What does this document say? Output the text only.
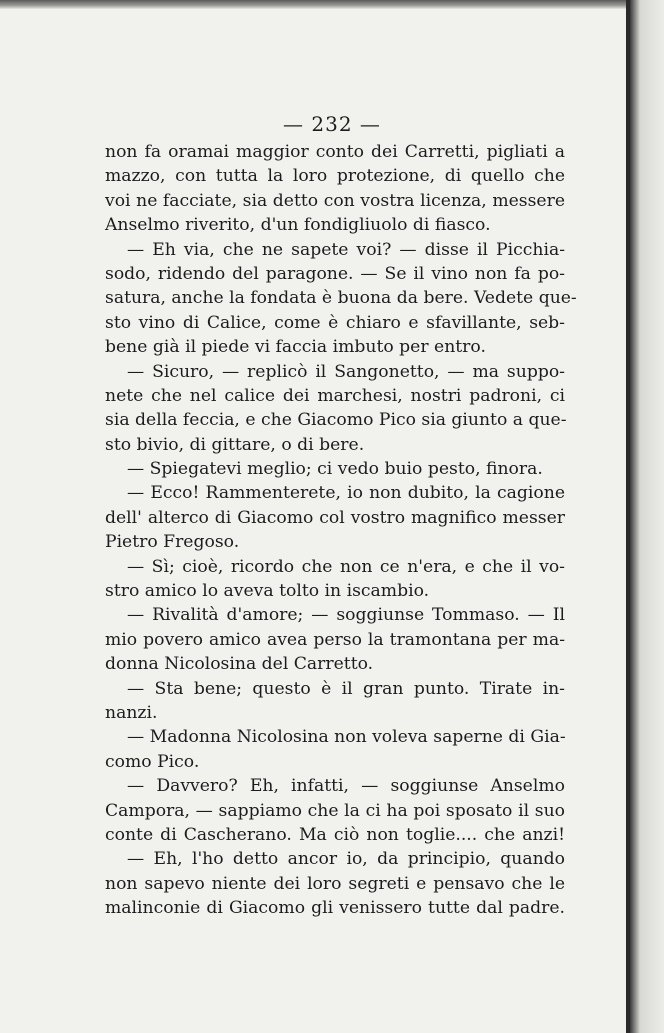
— 232 —
non fa oramai maggior conto dei Carretti, pigliati a
mazzo, con tutta la loro protezione, di quello che
voi ne facciate, sia detto con vostra licenza, messere
Anselmo riverito, d'un fondigliuolo di fiasco.
— Eh via, che ne sapete voi? — disse il Picchia-
sodo, ridendo del paragone. — Se il vino non fa po-
satura, anche la fondata è buona da bere. Vedete que-
sto vino di Calice, come è chiaro e sfavillante, seb-
bene già il piede vi faccia imbuto per entro.
— Sicuro, — replicò il Sangonetto, — ma suppo-
nete che nel calice dei marchesi, nostri padroni, ci
sia della feccia, e che Giacomo Pico sia giunto a que-
sto bivio, di gittare, o di bere.
— Spiegatevi meglio; ci vedo buio pesto, finora.
— Ecco! Rammenterete, io non dubito, la cagione
dell' alterco di Giacomo col vostro magnifico messer
Pietro Fregoso.
— Sì; cioè, ricordo che non ce n'era, e che il vo-
stro amico lo aveva tolto in iscambio.
— Rivalità d'amore; — soggiunse Tommaso. — Il
mio povero amico avea perso la tramontana per ma-
donna Nicolosina del Carretto.
— Sta bene; questo è il gran punto. Tirate in-
nanzi.
— Madonna Nicolosina non voleva saperne di Gia-
como Pico.
— Davvero? Eh, infatti, — soggiunse Anselmo
Campora, — sappiamo che la ci ha poi sposato il suo
conte di Cascherano. Ma ciò non toglie.... che anzi!
— Eh, l'ho detto ancor io, da principio, quando
non sapevo niente dei loro segreti e pensavo che le
malinconie di Giacomo gli venissero tutte dal padre.
